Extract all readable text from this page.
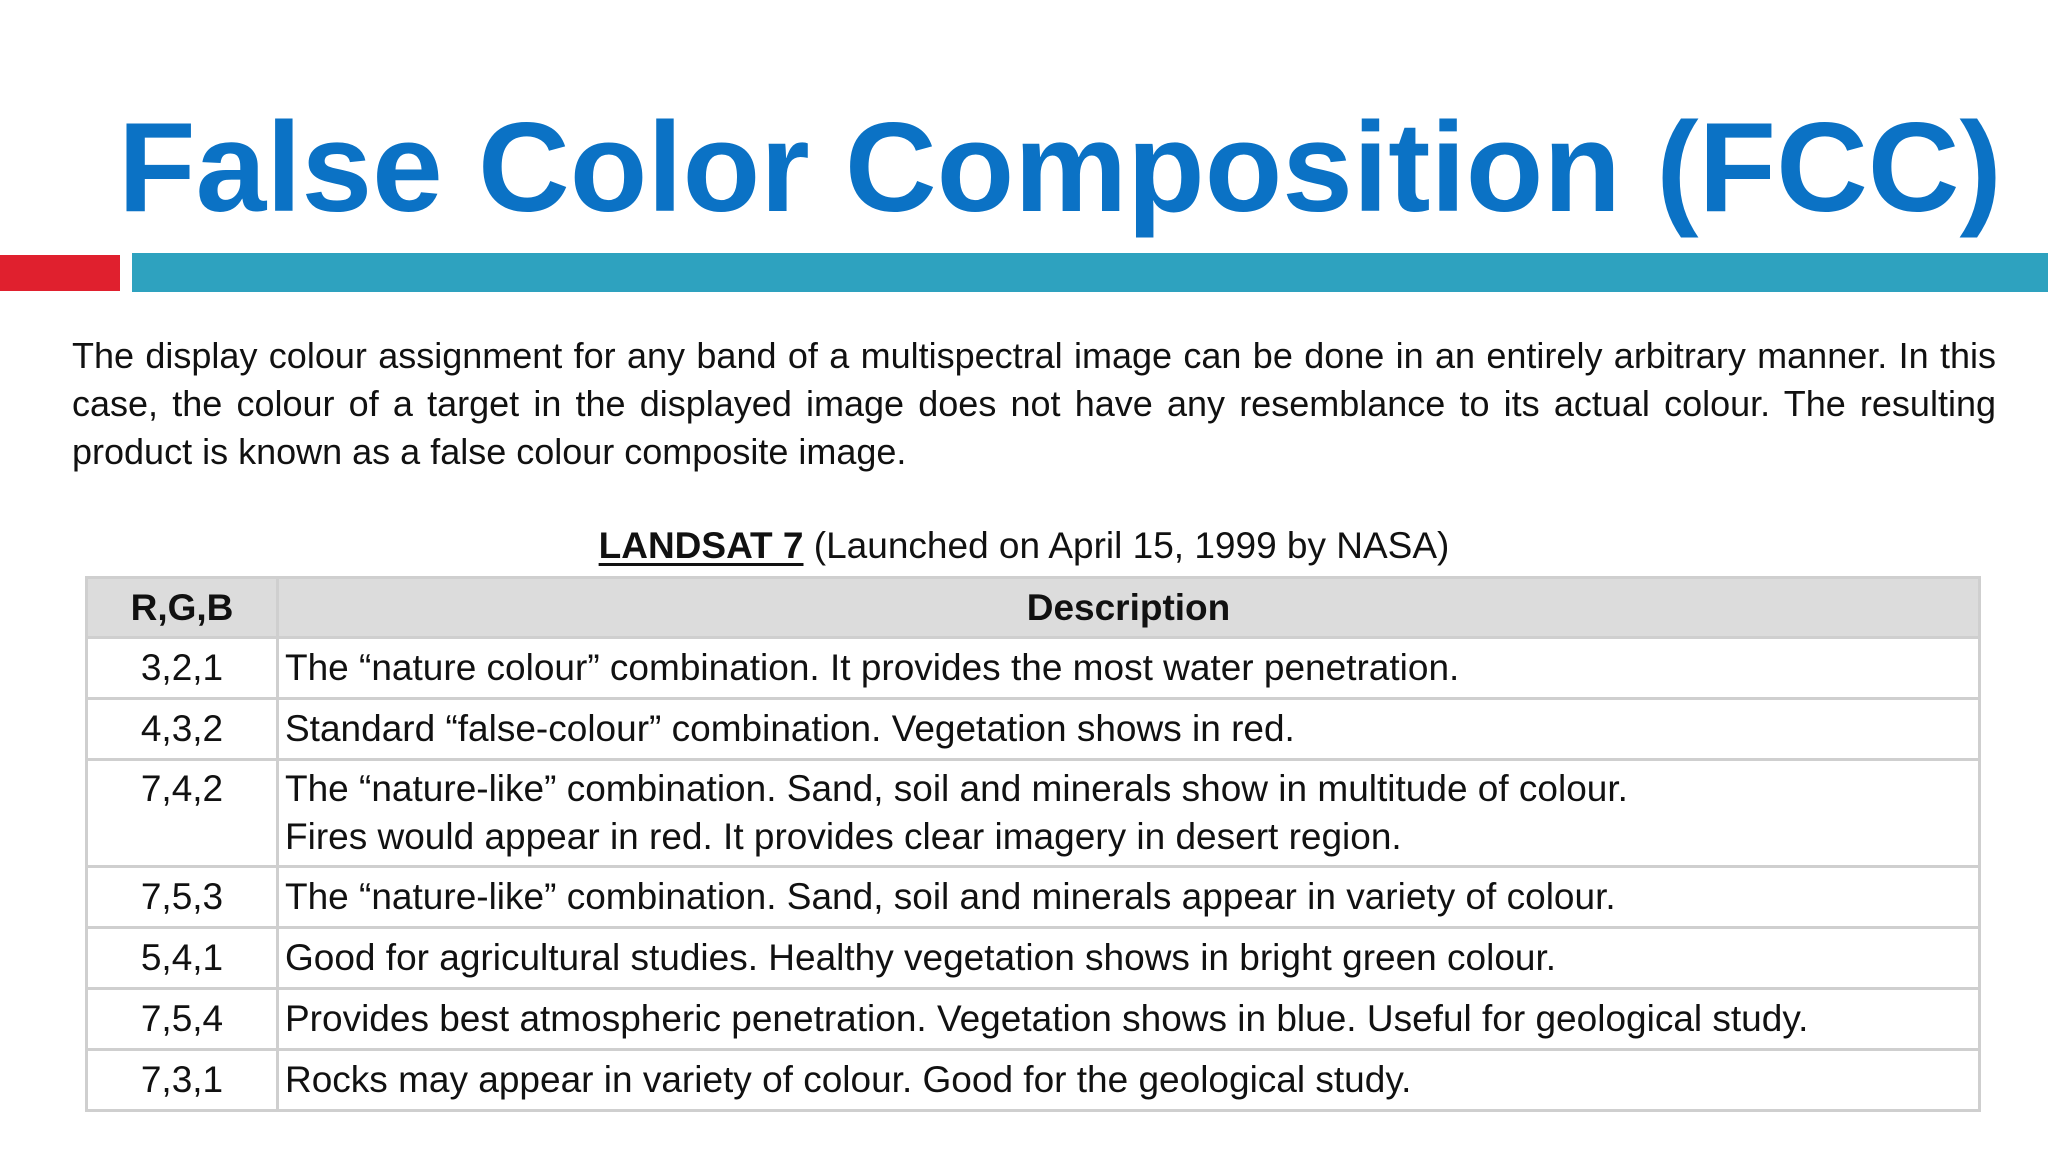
False Color Composition (FCC)

The display colour assignment for any band of a multispectral image can be done in an entirely arbitrary manner. In this case, the colour of a target in the displayed image does not have any resemblance to its actual colour. The resulting product is known as a false colour composite image.

LANDSAT 7 (Launched on April 15, 1999 by NASA)
R,G,B	Description
3,2,1	The “nature colour” combination. It provides the most water penetration.

4,3,2	Standard “false-colour” combination. Vegetation shows in red.

7,4,2	The “nature-like” combination. Sand, soil and minerals show in multitude of colour.
Fires would appear in red. It provides clear imagery in desert region.

7,5,3	The “nature-like” combination. Sand, soil and minerals appear in variety of colour.

5,4,1	Good for agricultural studies. Healthy vegetation shows in bright green colour.

7,5,4	Provides best atmospheric penetration. Vegetation shows in blue. Useful for geological study.

7,3,1	Rocks may appear in variety of colour. Good for the geological study.
